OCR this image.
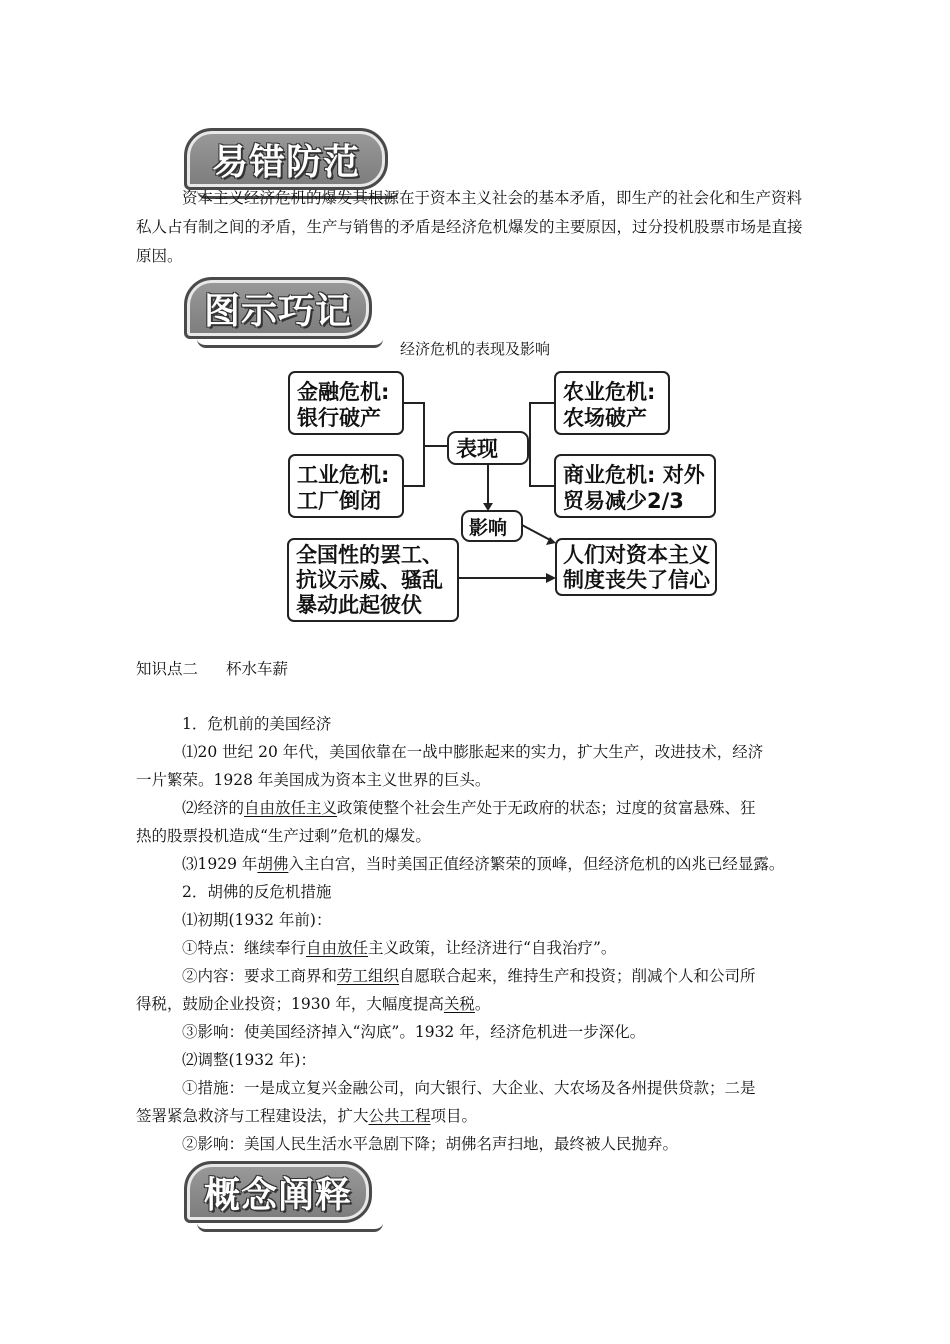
易错防范

资本主义经济危机的爆发其根源在于资本主义社会的基本矛盾，即生产的社会化和生产资料私人占有制之间的矛盾，生产与销售的矛盾是经济危机爆发的主要原因，过分投机股票市场是直接原因。

图示巧记
经济危机的表现及影响
金融危机:
银行破产
工业危机:
工厂倒闭
农业危机:
农场破产
商业危机: 对外
贸易减少2/3
表现
影响
全国性的罢工、
抗议示威、骚乱
暴动此起彼伏
人们对资本主义
制度丧失了信心
知识点二 杯水车薪
1．危机前的美国经济
⑴20 世纪 20 年代，美国依靠在一战中膨胀起来的实力，扩大生产，改进技术，经济
一片繁荣。1928 年美国成为资本主义世界的巨头。
⑵经济的自由放任主义政策使整个社会生产处于无政府的状态；过度的贫富悬殊、狂
热的股票投机造成“生产过剩”危机的爆发。
⑶1929 年胡佛入主白宫，当时美国正值经济繁荣的顶峰，但经济危机的凶兆已经显露。
2．胡佛的反危机措施
⑴初期(1932 年前)：
①特点：继续奉行自由放任主义政策，让经济进行“自我治疗”。
②内容：要求工商界和劳工组织自愿联合起来，维持生产和投资；削减个人和公司所
得税，鼓励企业投资；1930 年，大幅度提高关税。
③影响：使美国经济掉入“沟底”。1932 年，经济危机进一步深化。
⑵调整(1932 年)：
①措施：一是成立复兴金融公司，向大银行、大企业、大农场及各州提供贷款；二是
签署紧急救济与工程建设法，扩大公共工程项目。
②影响：美国人民生活水平急剧下降；胡佛名声扫地，最终被人民抛弃。
概念阐释
